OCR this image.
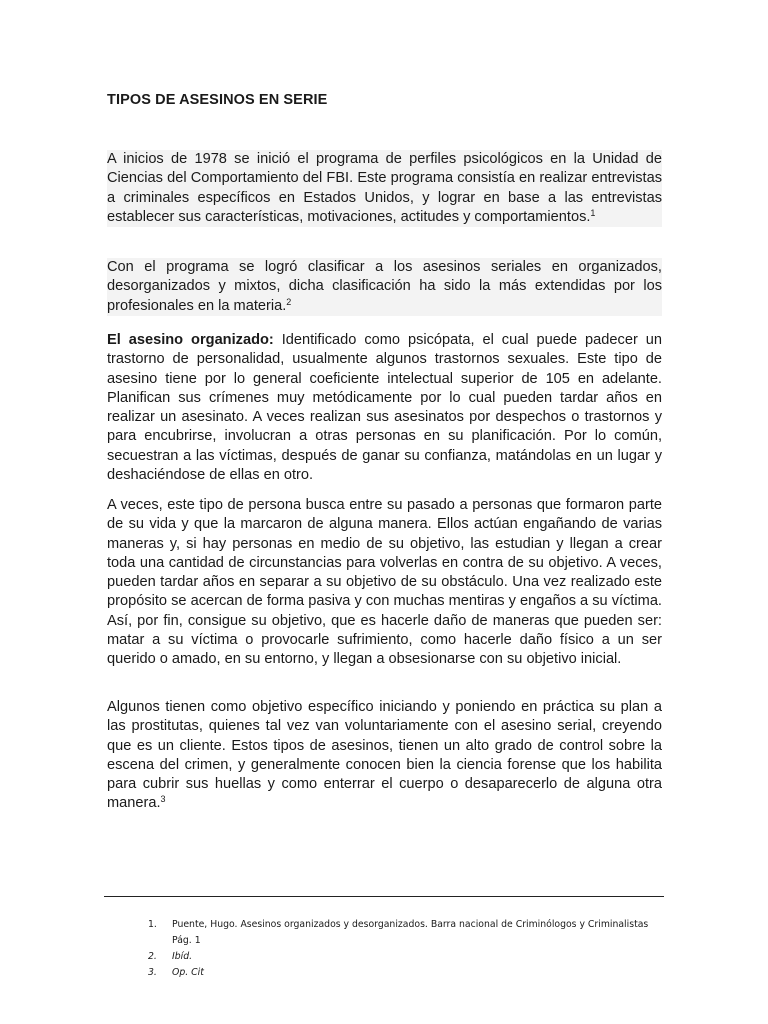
TIPOS DE ASESINOS EN SERIE

A inicios de 1978 se inició el programa de perfiles psicológicos en la Unidad de Ciencias del Comportamiento del FBI. Este programa consistía en realizar entrevistas a criminales específicos en Estados Unidos, y lograr en base a las entrevistas establecer sus características, motivaciones, actitudes y comportamientos.$^1$

Con el programa se logró clasificar a los asesinos seriales en organizados, desorganizados y mixtos, dicha clasificación ha sido la más extendidas por los profesionales en la materia.$^2$

El asesino organizado: Identificado como psicópata, el cual puede padecer un trastorno de personalidad, usualmente algunos trastornos sexuales. Este tipo de asesino tiene por lo general coeficiente intelectual superior de 105 en adelante. Planifican sus crímenes muy metódicamente por lo cual pueden tardar años en realizar un asesinato. A veces realizan sus asesinatos por despechos o trastornos y para encubrirse, involucran a otras personas en su planificación. Por lo común, secuestran a las víctimas, después de ganar su confianza, matándolas en un lugar y deshaciéndose de ellas en otro.

A veces, este tipo de persona busca entre su pasado a personas que formaron parte de su vida y que la marcaron de alguna manera. Ellos actúan engañando de varias maneras y, si hay personas en medio de su objetivo, las estudian y llegan a crear toda una cantidad de circunstancias para volverlas en contra de su objetivo. A veces, pueden tardar años en separar a su objetivo de su obstáculo. Una vez realizado este propósito se acercan de forma pasiva y con muchas mentiras y engaños a su víctima. Así, por fin, consigue su objetivo, que es hacerle daño de maneras que pueden ser: matar a su víctima o provocarle sufrimiento, como hacerle daño físico a un ser querido o amado, en su entorno, y llegan a obsesionarse con su objetivo inicial.

Algunos tienen como objetivo específico iniciando y poniendo en práctica su plan a las prostitutas, quienes tal vez van voluntariamente con el asesino serial, creyendo que es un cliente. Estos tipos de asesinos, tienen un alto grado de control sobre la escena del crimen, y generalmente conocen bien la ciencia forense que los habilita para cubrir sus huellas y como enterrar el cuerpo o desaparecerlo de alguna otra manera.$^3$

1. Puente, Hugo. Asesinos organizados y desorganizados. Barra nacional de Criminólogos y Criminalistas Pág. 1
2. Ibíd.
3. Op. Cit
